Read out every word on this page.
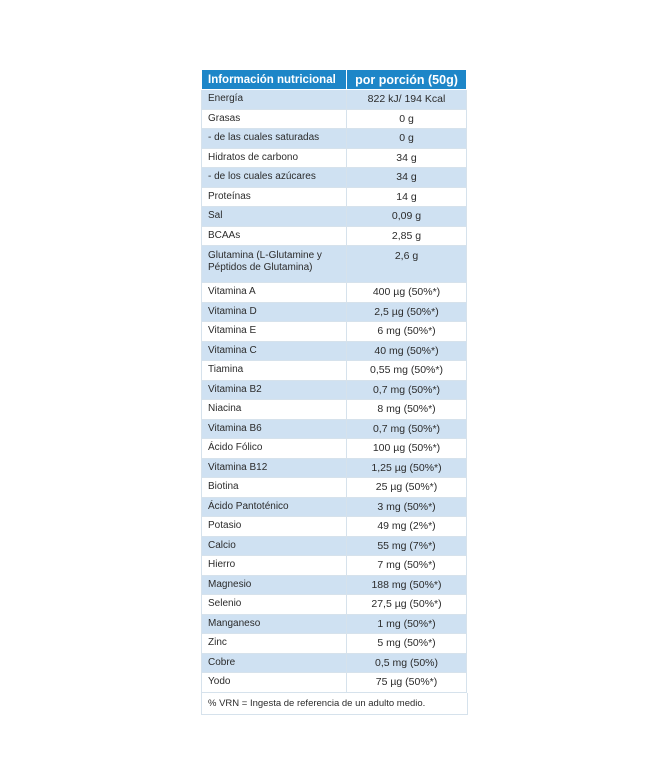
Información nutricional	por porción (50g)
Energía	822 kJ/ 194 Kcal
Grasas	0 g
- de las cuales saturadas	0 g
Hidratos de carbono	34 g
- de los cuales azúcares	34 g
Proteínas	14 g
Sal	0,09 g
BCAAs	2,85 g
Glutamina (L-Glutamine y Péptidos de Glutamina)	2,6 g
Vitamina A	400 µg (50%*)
Vitamina D	2,5 µg (50%*)
Vitamina E	6 mg (50%*)
Vitamina C	40 mg (50%*)
Tiamina	0,55 mg (50%*)
Vitamina B2	0,7 mg (50%*)
Niacina	8 mg (50%*)
Vitamina B6	0,7 mg (50%*)
Ácido Fólico	100 µg (50%*)
Vitamina B12	1,25 µg (50%*)
Biotina	25 µg (50%*)
Ácido Pantoténico	3 mg (50%*)
Potasio	49 mg (2%*)
Calcio	55 mg (7%*)
Hierro	7 mg (50%*)
Magnesio	188 mg (50%*)
Selenio	27,5 µg (50%*)
Manganeso	1 mg (50%*)
Zinc	5 mg (50%*)
Cobre	0,5 mg (50%)
Yodo	75 µg (50%*)
% VRN = Ingesta de referencia de un adulto medio.
